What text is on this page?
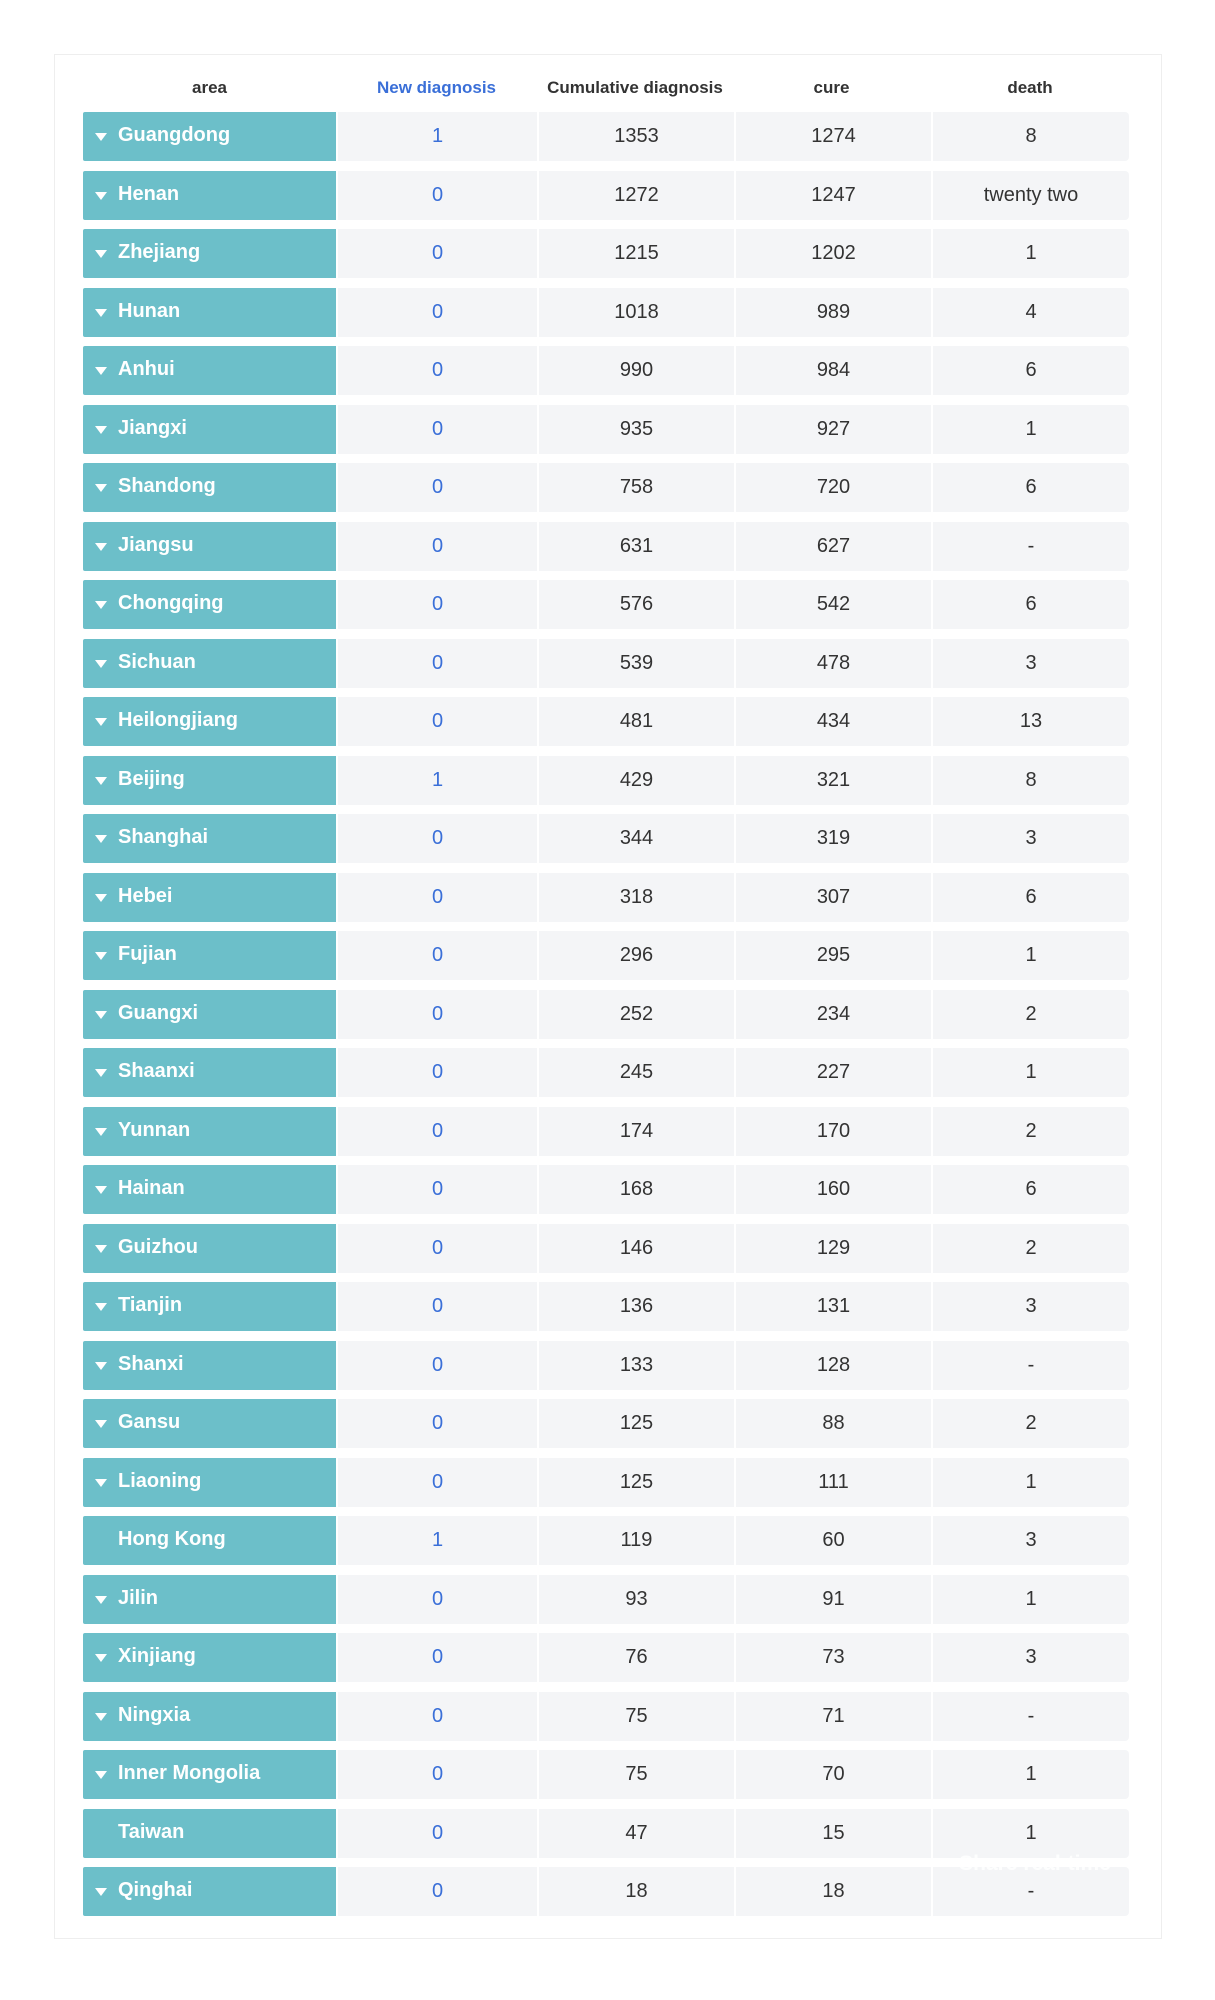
area	New diagnosis	Cumulative diagnosis	cure	death
Guangdong	1	1353	1274	8
Henan	0	1272	1247	twenty two
Zhejiang	0	1215	1202	1
Hunan	0	1018	989	4
Anhui	0	990	984	6
Jiangxi	0	935	927	1
Shandong	0	758	720	6
Jiangsu	0	631	627	-
Chongqing	0	576	542	6
Sichuan	0	539	478	3
Heilongjiang	0	481	434	13
Beijing	1	429	321	8
Shanghai	0	344	319	3
Hebei	0	318	307	6
Fujian	0	296	295	1
Guangxi	0	252	234	2
Shaanxi	0	245	227	1
Yunnan	0	174	170	2
Hainan	0	168	160	6
Guizhou	0	146	129	2
Tianjin	0	136	131	3
Shanxi	0	133	128	-
Gansu	0	125	88	2
Liaoning	0	125	111	1
Hong Kong	1	119	60	3
Jilin	0	93	91	1
Xinjiang	0	76	73	3
Ningxia	0	75	71	-
Inner Mongolia	0	75	70	1
Taiwan	0	47	15	1
Qinghai	0	18	18	-
Share real-time
